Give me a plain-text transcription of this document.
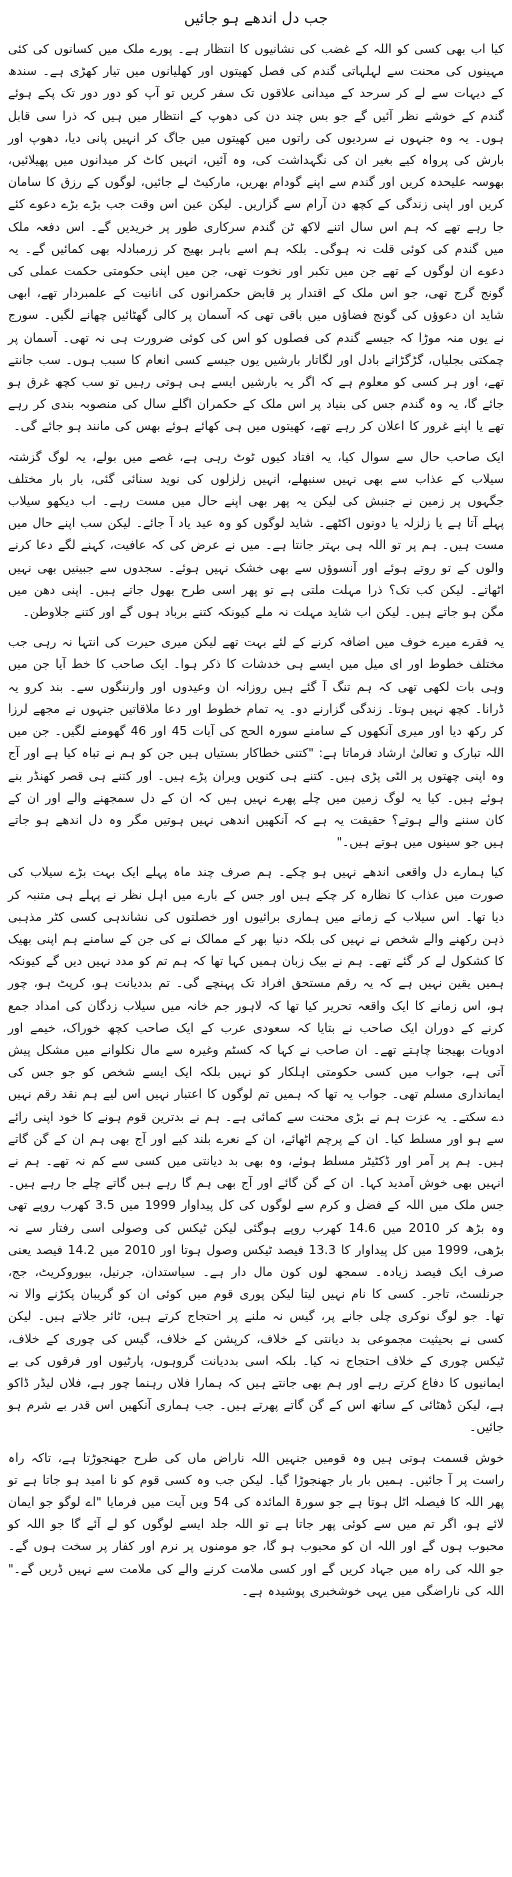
جب دل اندھے ہو جائیں

کیا اب بھی کسی کو اللہ کے غضب کی نشانیوں کا انتظار ہے۔ پورے ملک میں کسانوں کی کئی مہینوں کی محنت سے لہلہاتی گندم کی فصل کھیتوں اور کھلیانوں میں تیار کھڑی ہے۔ سندھ کے دیہات سے لے کر سرحد کے میدانی علاقوں تک سفر کریں تو آپ کو دور دور تک پکے ہوئے گندم کے خوشے نظر آئیں گے جو بس چند دن کی دھوپ کے انتظار میں ہیں کہ ذرا سی قابل ہوں۔ یہ وہ جنہوں نے سردیوں کی راتوں میں کھیتوں میں جاگ کر انہیں پانی دیا، دھوپ اور بارش کی پرواہ کیے بغیر ان کی نگہداشت کی، وہ آئیں، انہیں کاٹ کر میدانوں میں پھیلائیں، بھوسہ علیحدہ کریں اور گندم سے اپنے گودام بھریں، مارکیٹ لے جائیں، لوگوں کے رزق کا سامان کریں اور اپنی زندگی کے کچھ دن آرام سے گزاریں۔ لیکن عین اس وقت جب بڑے بڑے دعوے کئے جا رہے تھے کہ ہم اس سال اتنے لاکھ ٹن گندم سرکاری طور پر خریدیں گے۔ اس دفعہ ملک میں گندم کی کوئی قلت نہ ہوگی۔ بلکہ ہم اسے باہر بھیج کر زرمبادلہ بھی کمائیں گے۔ یہ دعوے ان لوگوں کے تھے جن میں تکبر اور نخوت تھی، جن میں اپنی حکومتی حکمت عملی کی گونج گرج تھی، جو اس ملک کے اقتدار پر قابض حکمرانوں کی انانیت کے علمبردار تھے، ابھی شاید ان دعوؤں کی گونج فضاؤں میں باقی تھی کہ آسمان پر کالی گھٹائیں چھانے لگیں۔ سورج نے یوں منہ موڑا کہ جیسے گندم کی فصلوں کو اس کی کوئی ضرورت ہی نہ تھی۔ آسمان پر چمکتی بجلیاں، گڑگڑاتے بادل اور لگاتار بارشیں یوں جیسے کسی انعام کا سبب ہوں۔ سب جانتے تھے، اور ہر کسی کو معلوم ہے کہ اگر یہ بارشیں ایسے ہی ہوتی رہیں تو سب کچھ غرق ہو جائے گا، یہ وہ گندم جس کی بنیاد پر اس ملک کے حکمران اگلے سال کی منصوبہ بندی کر رہے تھے یا اپنے غرور کا اعلان کر رہے تھے، کھیتوں میں ہی کھائے ہوئے بھس کی مانند ہو جائے گی۔

ایک صاحب حال سے سوال کیا، یہ افتاد کیوں ٹوٹ رہی ہے، غصے میں بولے، یہ لوگ گزشتہ سیلاب کے عذاب سے بھی نہیں سنبھلے، انہیں زلزلوں کی نوید سنائی گئی، بار بار مختلف جگہوں پر زمین نے جنبش کی لیکن یہ پھر بھی اپنے حال میں مست رہے۔ اب دیکھو سیلاب پہلے آتا ہے یا زلزلہ یا دونوں اکٹھے۔ شاید لوگوں کو وہ عید یاد آ جائے۔ لیکن سب اپنے حال میں مست ہیں۔ ہم پر تو اللہ ہی بہتر جانتا ہے۔ میں نے عرض کی کہ عافیت، کہنے لگے دعا کرنے والوں کے تو روتے ہوئے اور آنسوؤں سے بھی خشک نہیں ہوئے۔ سجدوں سے جبینیں بھی نہیں اٹھاتے۔ لیکن کب تک؟ ذرا مہلت ملتی ہے تو پھر اسی طرح بھول جاتے ہیں۔ اپنی دھن میں مگن ہو جاتے ہیں۔ لیکن اب شاید مہلت نہ ملے کیونکہ کتنے برباد ہوں گے اور کتنے جلاوطن۔

یہ فقرے میرے خوف میں اضافہ کرنے کے لئے بہت تھے لیکن میری حیرت کی انتہا نہ رہی جب مختلف خطوط اور ای میل میں ایسے ہی خدشات کا ذکر ہوا۔ ایک صاحب کا خط آیا جن میں وہی بات لکھی تھی کہ ہم تنگ آ گئے ہیں روزانہ ان وعیدوں اور وارننگوں سے۔ بند کرو یہ ڈرانا۔ کچھ نہیں ہوتا۔ زندگی گزارنے دو۔ یہ تمام خطوط اور دعا ملاقاتیں جنہوں نے مجھے لرزا کر رکھ دیا اور میری آنکھوں کے سامنے سورہ الحج کی آیات 45 اور 46 گھومنے لگیں۔ جن میں اللہ تبارک و تعالیٰ ارشاد فرماتا ہے: "کتنی خطاکار بستیاں ہیں جن کو ہم نے تباہ کیا ہے اور آج وہ اپنی چھتوں پر الٹی پڑی ہیں۔ کتنے ہی کنویں ویران پڑے ہیں۔ اور کتنے ہی قصر کھنڈر بنے ہوئے ہیں۔ کیا یہ لوگ زمین میں چلے پھرے نہیں ہیں کہ ان کے دل سمجھنے والے اور ان کے کان سننے والے ہوتے؟ حقیقت یہ ہے کہ آنکھیں اندھی نہیں ہوتیں مگر وہ دل اندھے ہو جاتے ہیں جو سینوں میں ہوتے ہیں۔"

کیا ہمارے دل واقعی اندھے نہیں ہو چکے۔ ہم صرف چند ماہ پہلے ایک بہت بڑے سیلاب کی صورت میں عذاب کا نظارہ کر چکے ہیں اور جس کے بارے میں اہل نظر نے پہلے ہی متنبہ کر دیا تھا۔ اس سیلاب کے زمانے میں ہماری برائیوں اور خصلتوں کی نشاندہی کسی کٹر مذہبی ذہن رکھنے والے شخص نے نہیں کی بلکہ دنیا بھر کے ممالک نے کی جن کے سامنے ہم اپنی بھیک کا کشکول لے کر گئے تھے۔ ہم نے بیک زبان ہمیں کہا تھا کہ ہم تم کو مدد نہیں دیں گے کیونکہ ہمیں یقین نہیں ہے کہ یہ رقم مستحق افراد تک پہنچے گی۔ تم بددیانت ہو، کرپٹ ہو، چور ہو، اس زمانے کا ایک واقعہ تحریر کیا تھا کہ لاہور جم خانہ میں سیلاب زدگان کی امداد جمع کرنے کے دوران ایک صاحب نے بتایا کہ سعودی عرب کے ایک صاحب کچھ خوراک، خیمے اور ادویات بھیجنا چاہتے تھے۔ ان صاحب نے کہا کہ کسٹم وغیرہ سے مال نکلوانے میں مشکل پیش آتی ہے، جواب میں کسی حکومتی اہلکار کو نہیں بلکہ ایک ایسے شخص کو جو جس کی ایمانداری مسلم تھی۔ جواب یہ تھا کہ ہمیں تم لوگوں کا اعتبار نہیں اس لیے ہم نقد رقم نہیں دے سکتے۔ یہ عزت ہم نے بڑی محنت سے کمائی ہے۔ ہم نے بدترین قوم ہونے کا خود اپنی رائے سے ہو اور مسلط کیا۔ ان کے پرچم اٹھائے، ان کے نعرے بلند کیے اور آج بھی ہم ان کے گن گاتے ہیں۔ ہم پر آمر اور ڈکٹیٹر مسلط ہوئے، وہ بھی بد دیانتی میں کسی سے کم نہ تھے۔ ہم نے انہیں بھی خوش آمدید کہا۔ ان کے گن گائے اور آج بھی ہم گا رہے ہیں گاتے چلے جا رہے ہیں۔ جس ملک میں اللہ کے فضل و کرم سے لوگوں کی کل پیداوار 1999 میں 3.5 کھرب روپے تھی وہ بڑھ کر 2010 میں 14.6 کھرب روپے ہوگئی لیکن ٹیکس کی وصولی اسی رفتار سے نہ بڑھی، 1999 میں کل پیداوار کا 13.3 فیصد ٹیکس وصول ہوتا اور 2010 میں 14.2 فیصد یعنی صرف ایک فیصد زیادہ۔ سمجھ لوں کون مال دار ہے۔ سیاستدان، جرنیل، بیوروکریٹ، جج، جرنلسٹ، تاجر۔ کسی کا نام نہیں لیتا لیکن پوری قوم میں کوئی ان کو گریبان پکڑنے والا نہ تھا۔ جو لوگ نوکری چلی جانے پر، گیس نہ ملنے پر احتجاج کرتے ہیں، ٹائر جلاتے ہیں۔ لیکن کسی نے بحیثیت مجموعی بد دیانتی کے خلاف، کرپشن کے خلاف، گیس کی چوری کے خلاف، ٹیکس چوری کے خلاف احتجاج نہ کیا۔ بلکہ اسی بددیانت گروہوں، پارٹیوں اور فرقوں کی بے ایمانیوں کا دفاع کرتے رہے اور ہم بھی جانتے ہیں کہ ہمارا فلاں رہنما چور ہے، فلاں لیڈر ڈاکو ہے، لیکن ڈھٹائی کے ساتھ اس کے گن گاتے پھرتے ہیں۔ جب ہماری آنکھیں اس قدر بے شرم ہو جائیں۔

خوش قسمت ہوتی ہیں وہ قومیں جنہیں اللہ ناراض ماں کی طرح جھنجوڑتا ہے، تاکہ راہ راست پر آ جائیں۔ ہمیں بار بار جھنجوڑا گیا۔ لیکن جب وہ کسی قوم کو نا امید ہو جاتا ہے تو پھر اللہ کا فیصلہ اٹل ہوتا ہے جو سورۃ المائدہ کی 54 ویں آیت میں فرمایا "اے لوگو جو ایمان لائے ہو، اگر تم میں سے کوئی پھر جاتا ہے تو اللہ جلد ایسے لوگوں کو لے آئے گا جو اللہ کو محبوب ہوں گے اور اللہ ان کو محبوب ہو گا، جو مومنوں پر نرم اور کفار پر سخت ہوں گے۔ جو اللہ کی راہ میں جہاد کریں گے اور کسی ملامت کرنے والے کی ملامت سے نہیں ڈریں گے۔" اللہ کی ناراضگی میں یہی خوشخبری پوشیدہ ہے۔
